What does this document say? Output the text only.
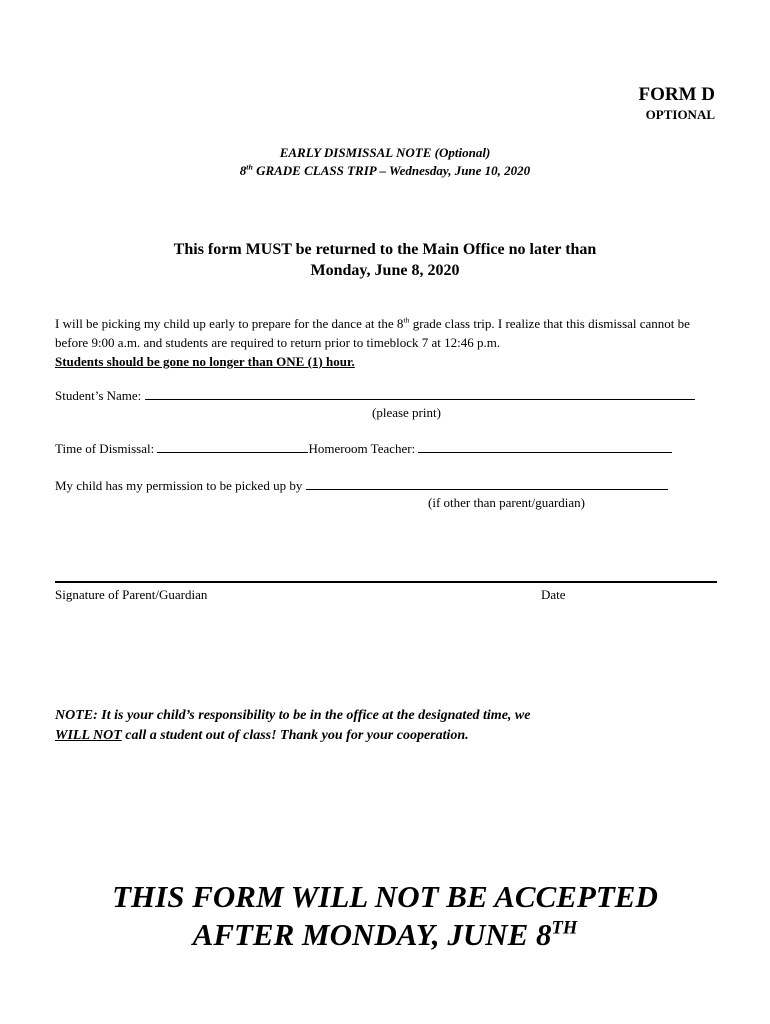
FORM D
OPTIONAL
EARLY DISMISSAL NOTE (Optional)
8th GRADE CLASS TRIP – Wednesday, June 10, 2020
This form MUST be returned to the Main Office no later than
Monday, June 8, 2020
I will be picking my child up early to prepare for the dance at the 8th grade class trip. I realize that this dismissal cannot be before 9:00 a.m. and students are required to return prior to timeblock 7 at 12:46 p.m.
Students should be gone no longer than ONE (1) hour.
Student’s Name:
(please print)
Time of Dismissal:	Homeroom Teacher:
My child has my permission to be picked up by
(if other than parent/guardian)
Signature of Parent/Guardian	Date
NOTE: It is your child’s responsibility to be in the office at the designated time, we
WILL NOT call a student out of class! Thank you for your cooperation.
THIS FORM WILL NOT BE ACCEPTED
AFTER MONDAY, JUNE 8TH
